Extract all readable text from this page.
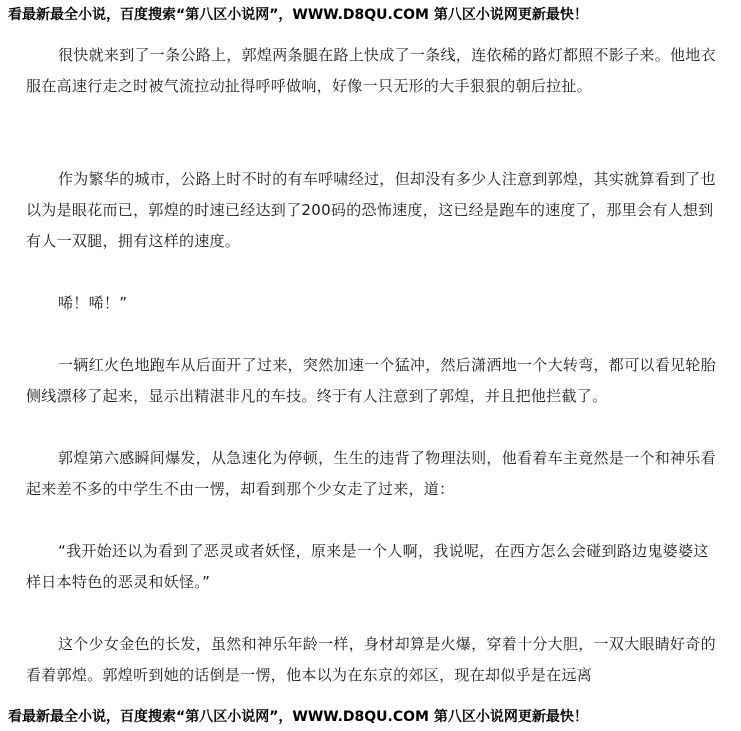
看最新最全小说，百度搜索“第八区小说网”，WWW.D8QU.COM 第八区小说网更新最快！

很快就来到了一条公路上，郭煌两条腿在路上快成了一条线，连依稀的路灯都照不影子来。他地衣服在高速行走之时被气流拉动扯得呼呼做响，好像一只无形的大手狠狠的朝后拉扯。

作为繁华的城市，公路上时不时的有车呼啸经过，但却没有多少人注意到郭煌，其实就算看到了也以为是眼花而已，郭煌的时速已经达到了200码的恐怖速度，这已经是跑车的速度了，那里会有人想到有人一双腿，拥有这样的速度。

唏！唏！”

一辆红火色地跑车从后面开了过来，突然加速一个猛冲，然后潇洒地一个大转弯，都可以看见轮胎侧线漂移了起来，显示出精湛非凡的车技。终于有人注意到了郭煌，并且把他拦截了。

郭煌第六感瞬间爆发，从急速化为停顿，生生的违背了物理法则，他看着车主竟然是一个和神乐看起来差不多的中学生不由一愣，却看到那个少女走了过来，道：

“我开始还以为看到了恶灵或者妖怪，原来是一个人啊，我说呢，在西方怎么会碰到路边鬼婆婆这样日本特色的恶灵和妖怪。”

这个少女金色的长发，虽然和神乐年龄一样，身材却算是火爆，穿着十分大胆，一双大眼睛好奇的看着郭煌。郭煌听到她的话倒是一愣，他本以为在东京的郊区，现在却似乎是在远离

看最新最全小说，百度搜索“第八区小说网”，WWW.D8QU.COM 第八区小说网更新最快！
